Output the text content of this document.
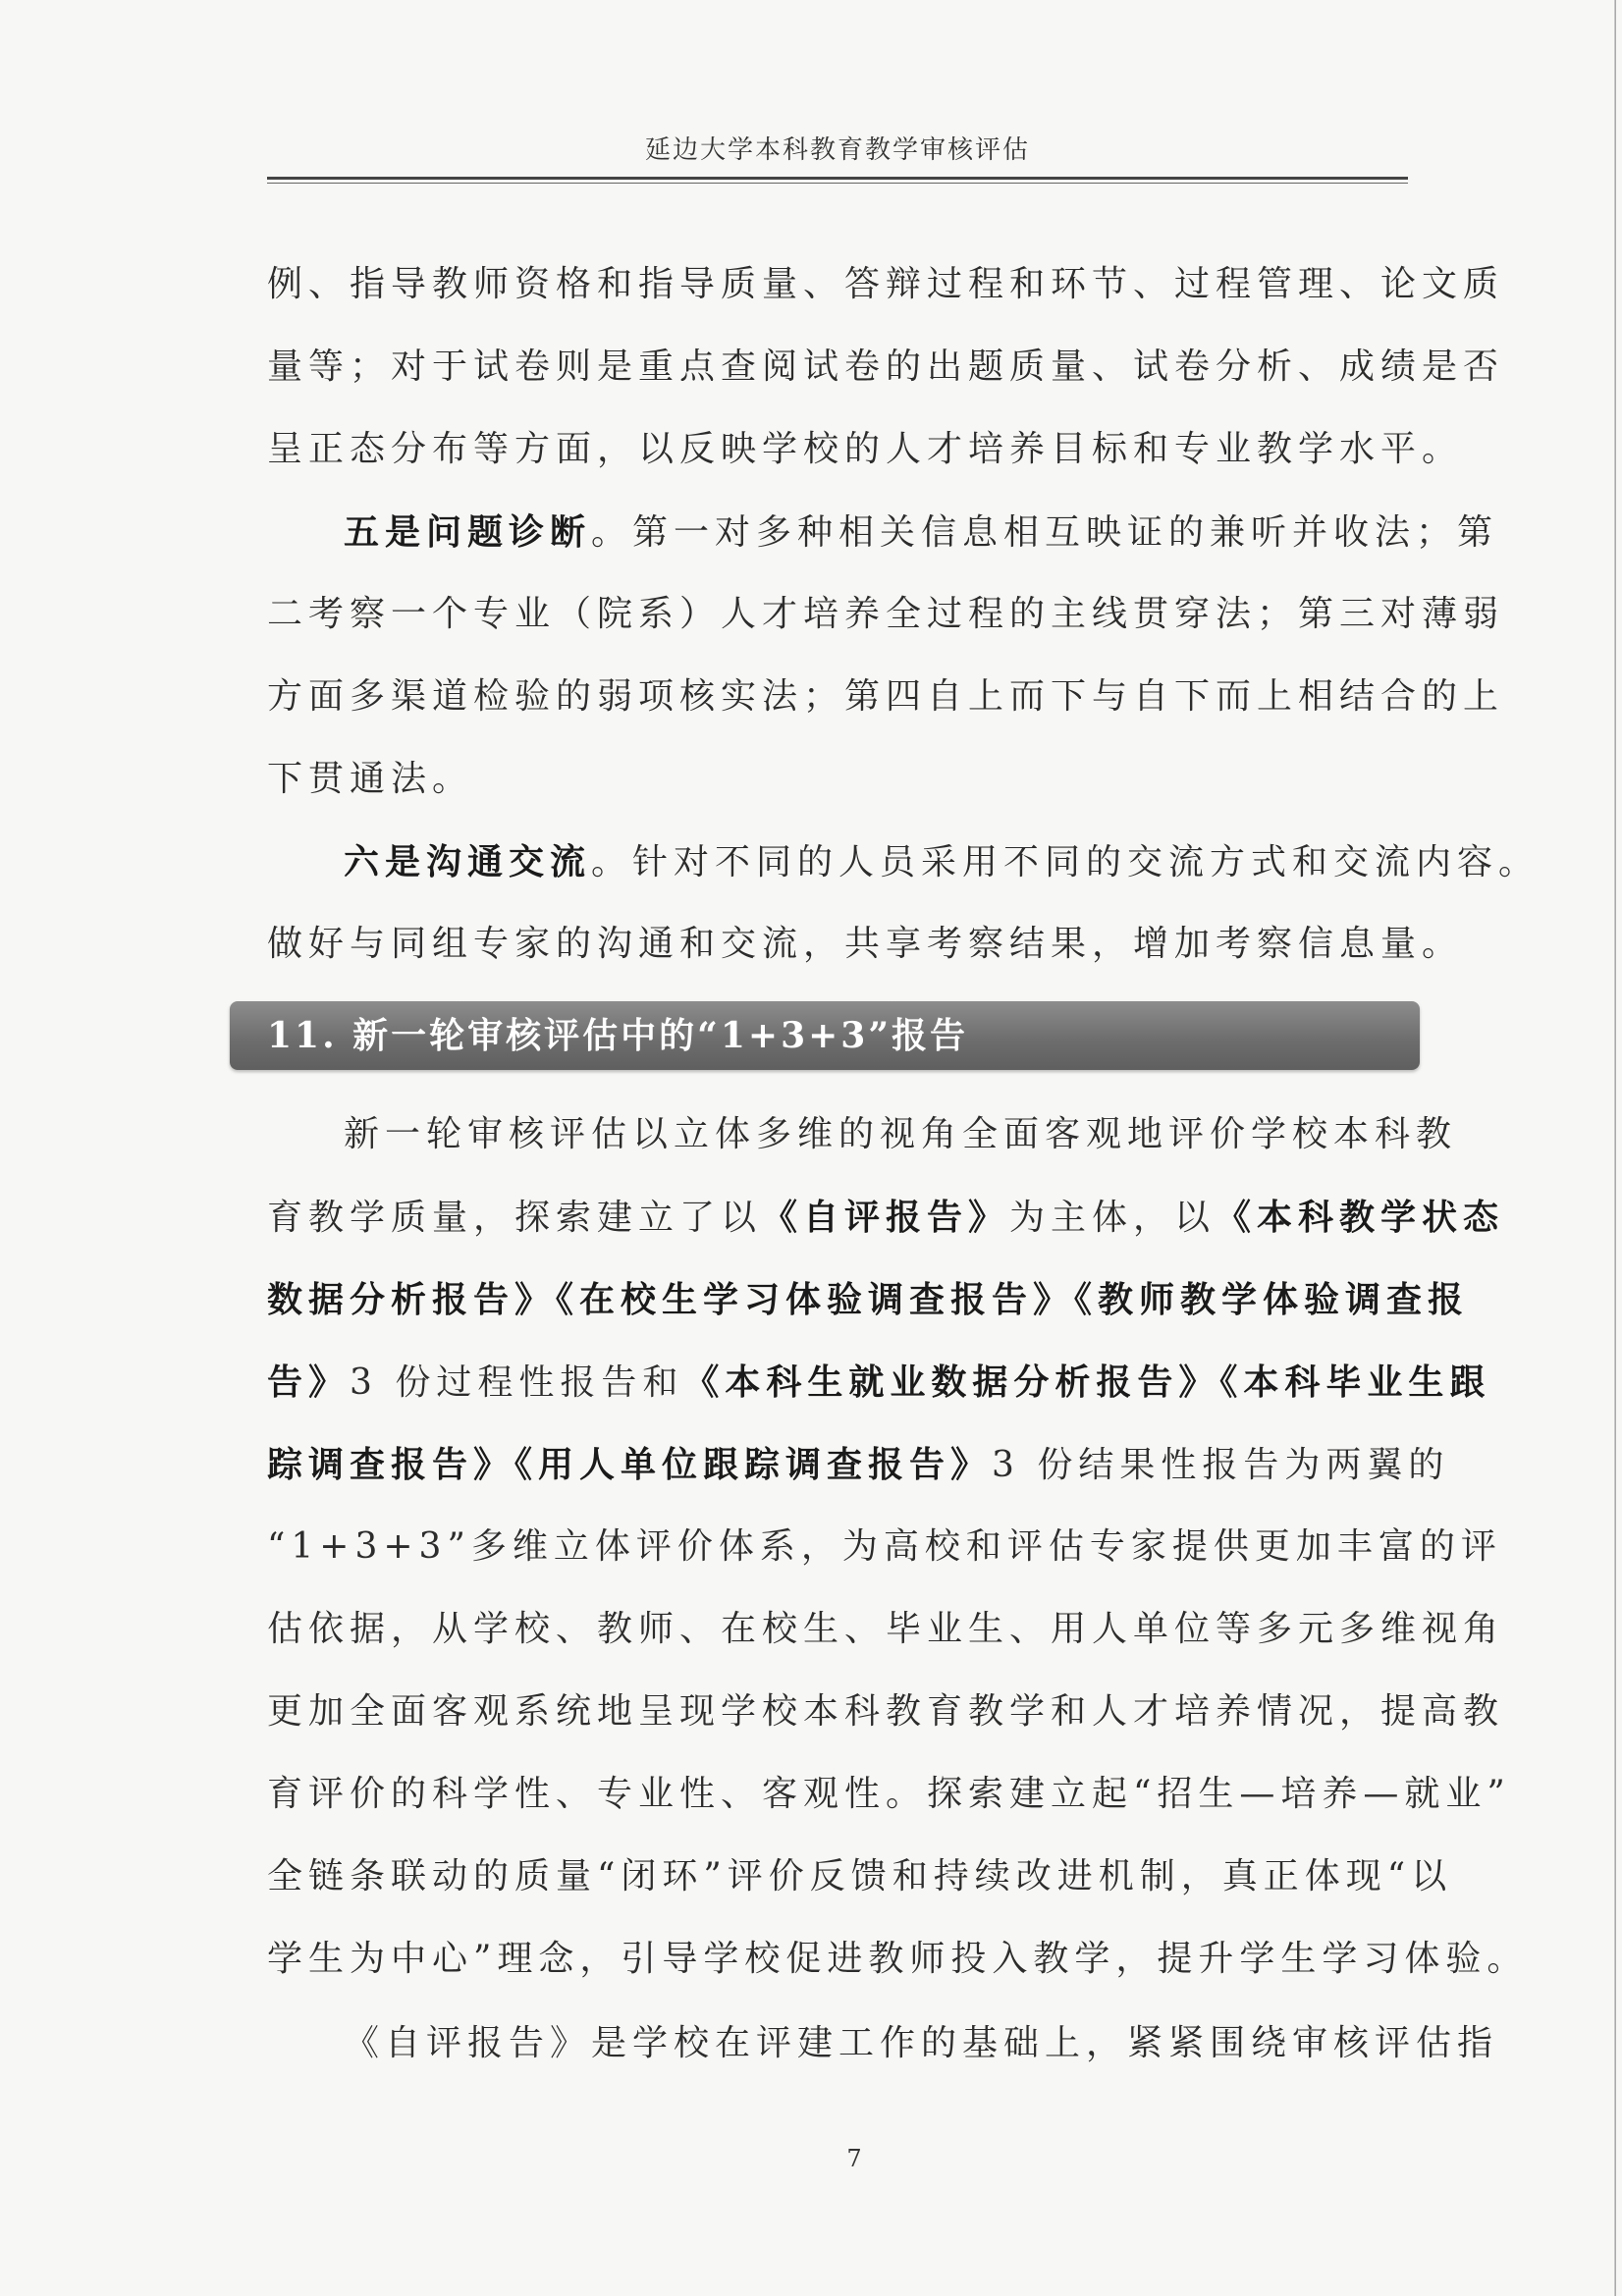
延边大学本科教育教学审核评估
例、指导教师资格和指导质量、答辩过程和环节、过程管理、论文质
量等；对于试卷则是重点查阅试卷的出题质量、试卷分析、成绩是否
呈正态分布等方面，以反映学校的人才培养目标和专业教学水平。
五是问题诊断。第一对多种相关信息相互映证的兼听并收法；第
二考察一个专业（院系）人才培养全过程的主线贯穿法；第三对薄弱
方面多渠道检验的弱项核实法；第四自上而下与自下而上相结合的上
下贯通法。
六是沟通交流。针对不同的人员采用不同的交流方式和交流内容。
做好与同组专家的沟通和交流，共享考察结果，增加考察信息量。
11. 新一轮审核评估中的“1+3+3”报告
新一轮审核评估以立体多维的视角全面客观地评价学校本科教
育教学质量，探索建立了以《自评报告》为主体，以《本科教学状态
数据分析报告》《在校生学习体验调查报告》《教师教学体验调查报
告》3 份过程性报告和《本科生就业数据分析报告》《本科毕业生跟
踪调查报告》《用人单位跟踪调查报告》3 份结果性报告为两翼的
“1+3+3”多维立体评价体系，为高校和评估专家提供更加丰富的评
估依据，从学校、教师、在校生、毕业生、用人单位等多元多维视角
更加全面客观系统地呈现学校本科教育教学和人才培养情况，提高教
育评价的科学性、专业性、客观性。探索建立起“招生—培养—就业”
全链条联动的质量“闭环”评价反馈和持续改进机制，真正体现“以
学生为中心”理念，引导学校促进教师投入教学，提升学生学习体验。
《自评报告》是学校在评建工作的基础上，紧紧围绕审核评估指
7
